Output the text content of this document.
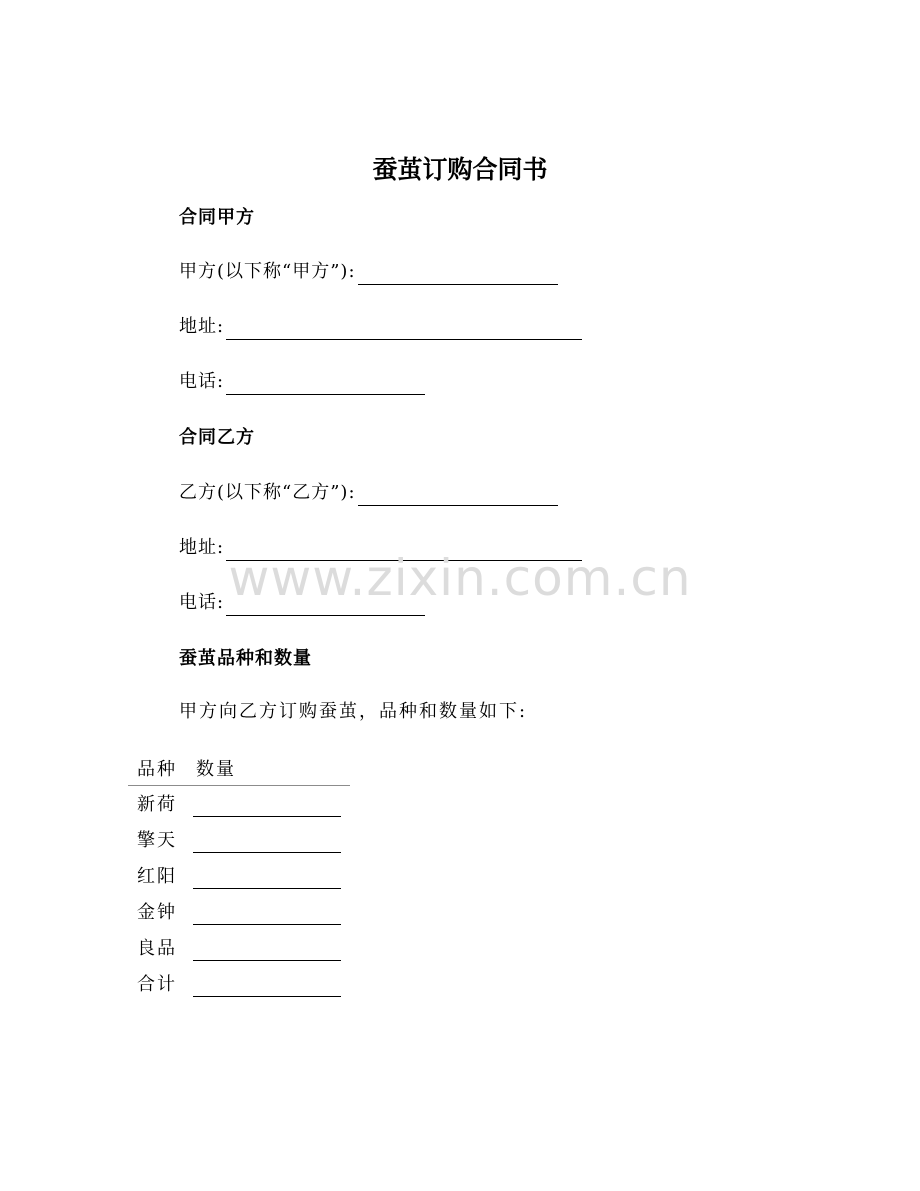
蚕茧订购合同书
合同甲方
甲方(以下称“甲方”):
地址:
电话:
合同乙方
乙方(以下称“乙方”):
地址:
电话:
蚕茧品种和数量

甲方向乙方订购蚕茧，品种和数量如下:

品种 数量
新荷
擎天
红阳
金钟
良品
合计
www.zixin.com.cn
